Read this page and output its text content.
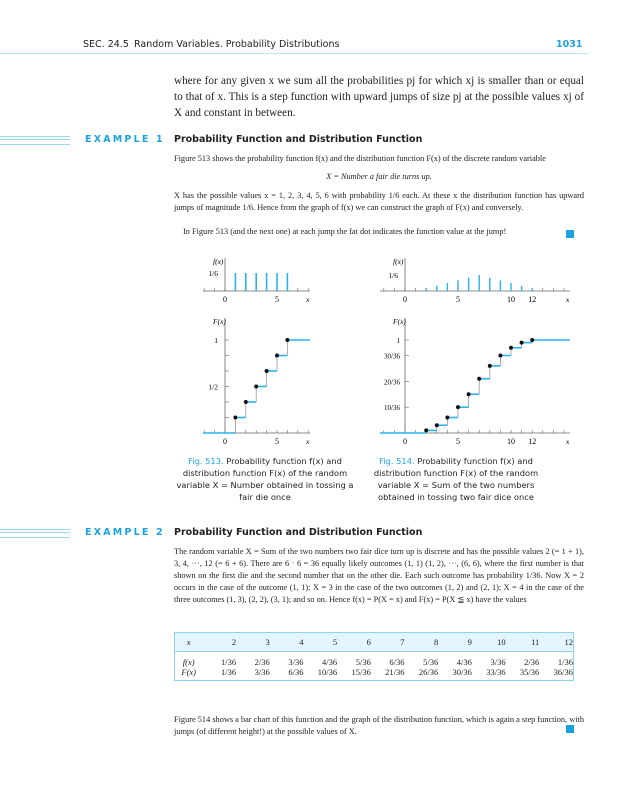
SEC. 24.5 Random Variables. Probability Distributions	1031
where for any given x we sum all the probabilities pj for which xj is smaller than or equal to that of x. This is a step function with upward jumps of size pj at the possible values xj of X and constant in between.
EXAMPLE 1 Probability Function and Distribution Function
Figure 513 shows the probability function f(x) and the distribution function F(x) of the discrete random variable
X = Number a fair die turns up.
X has the possible values x = 1, 2, 3, 4, 5, 6 with probability 1/6 each. At these x the distribution function has upward jumps of magnitude 1/6. Hence from the graph of f(x) we can construct the graph of F(x) and conversely.
In Figure 513 (and the next one) at each jump the fat dot indicates the function value at the jump!
f(x)
x
0	5
1/6
f(x)
x
0	5	10 12
1/6
F(x)
x
0	5
1
1/2
F(x)
x
0	5	10 12
1
30/36
20/36
10/36
Fig. 513. Probability function f(x) and distribution function F(x) of the random variable X = Number obtained in tossing a fair die once
Fig. 514. Probability function f(x) and distribution function F(x) of the random variable X = Sum of the two numbers obtained in tossing two fair dice once
EXAMPLE 2 Probability Function and Distribution Function
The random variable X = Sum of the two numbers two fair dice turn up is discrete and has the possible values 2 (= 1 + 1), 3, 4, ···, 12 (= 6 + 6). There are 6 · 6 = 36 equally likely outcomes (1, 1) (1, 2), ···, (6, 6), where the first number is that shown on the first die and the second number that on the other die. Each such outcome has probability 1/36. Now X = 2 occurs in the case of the outcome (1, 1); X = 3 in the case of the two outcomes (1, 2) and (2, 1); X = 4 in the case of the three outcomes (1, 3), (2, 2), (3, 1); and so on. Hence f(x) = P(X = x) and F(x) = P(X ≦ x) have the values
x	2	3	4	5	6	7	8	9	10	11	12
f(x)	1/36	2/36	3/36	4/36	5/36	6/36	5/36	4/36	3/36	2/36	1/36
F(x)	1/36	3/36	6/36	10/36	15/36	21/36	26/36	30/36	33/36	35/36	36/36
Figure 514 shows a bar chart of this function and the graph of the distribution function, which is again a step function, with jumps (of different height!) at the possible values of X.
